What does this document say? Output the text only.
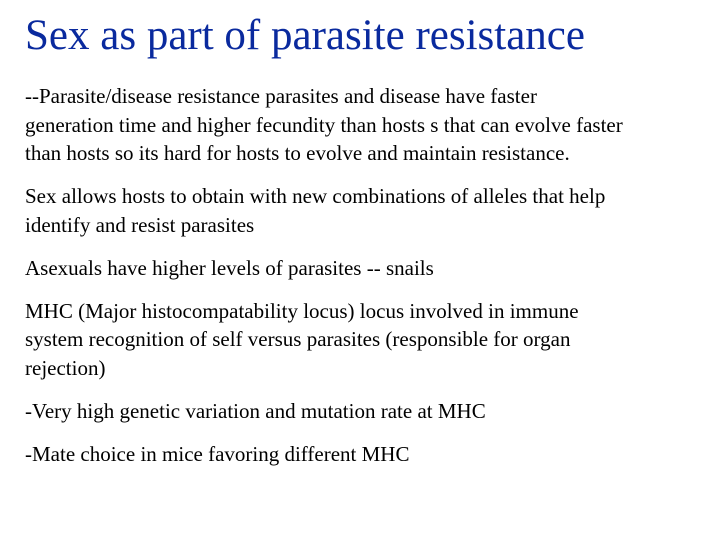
Sex as part of parasite resistance
--Parasite/disease resistance parasites and disease have faster
generation time and higher fecundity than hosts s that can evolve faster
than hosts so its hard for hosts to evolve and maintain resistance.
Sex allows hosts to obtain with new combinations of alleles that help
identify and resist parasites
Asexuals have higher levels of parasites -- snails
MHC (Major histocompatability locus) locus involved in immune
system recognition of self versus parasites (responsible for organ
rejection)
-Very high genetic variation and mutation rate at MHC
-Mate choice in mice favoring different MHC
